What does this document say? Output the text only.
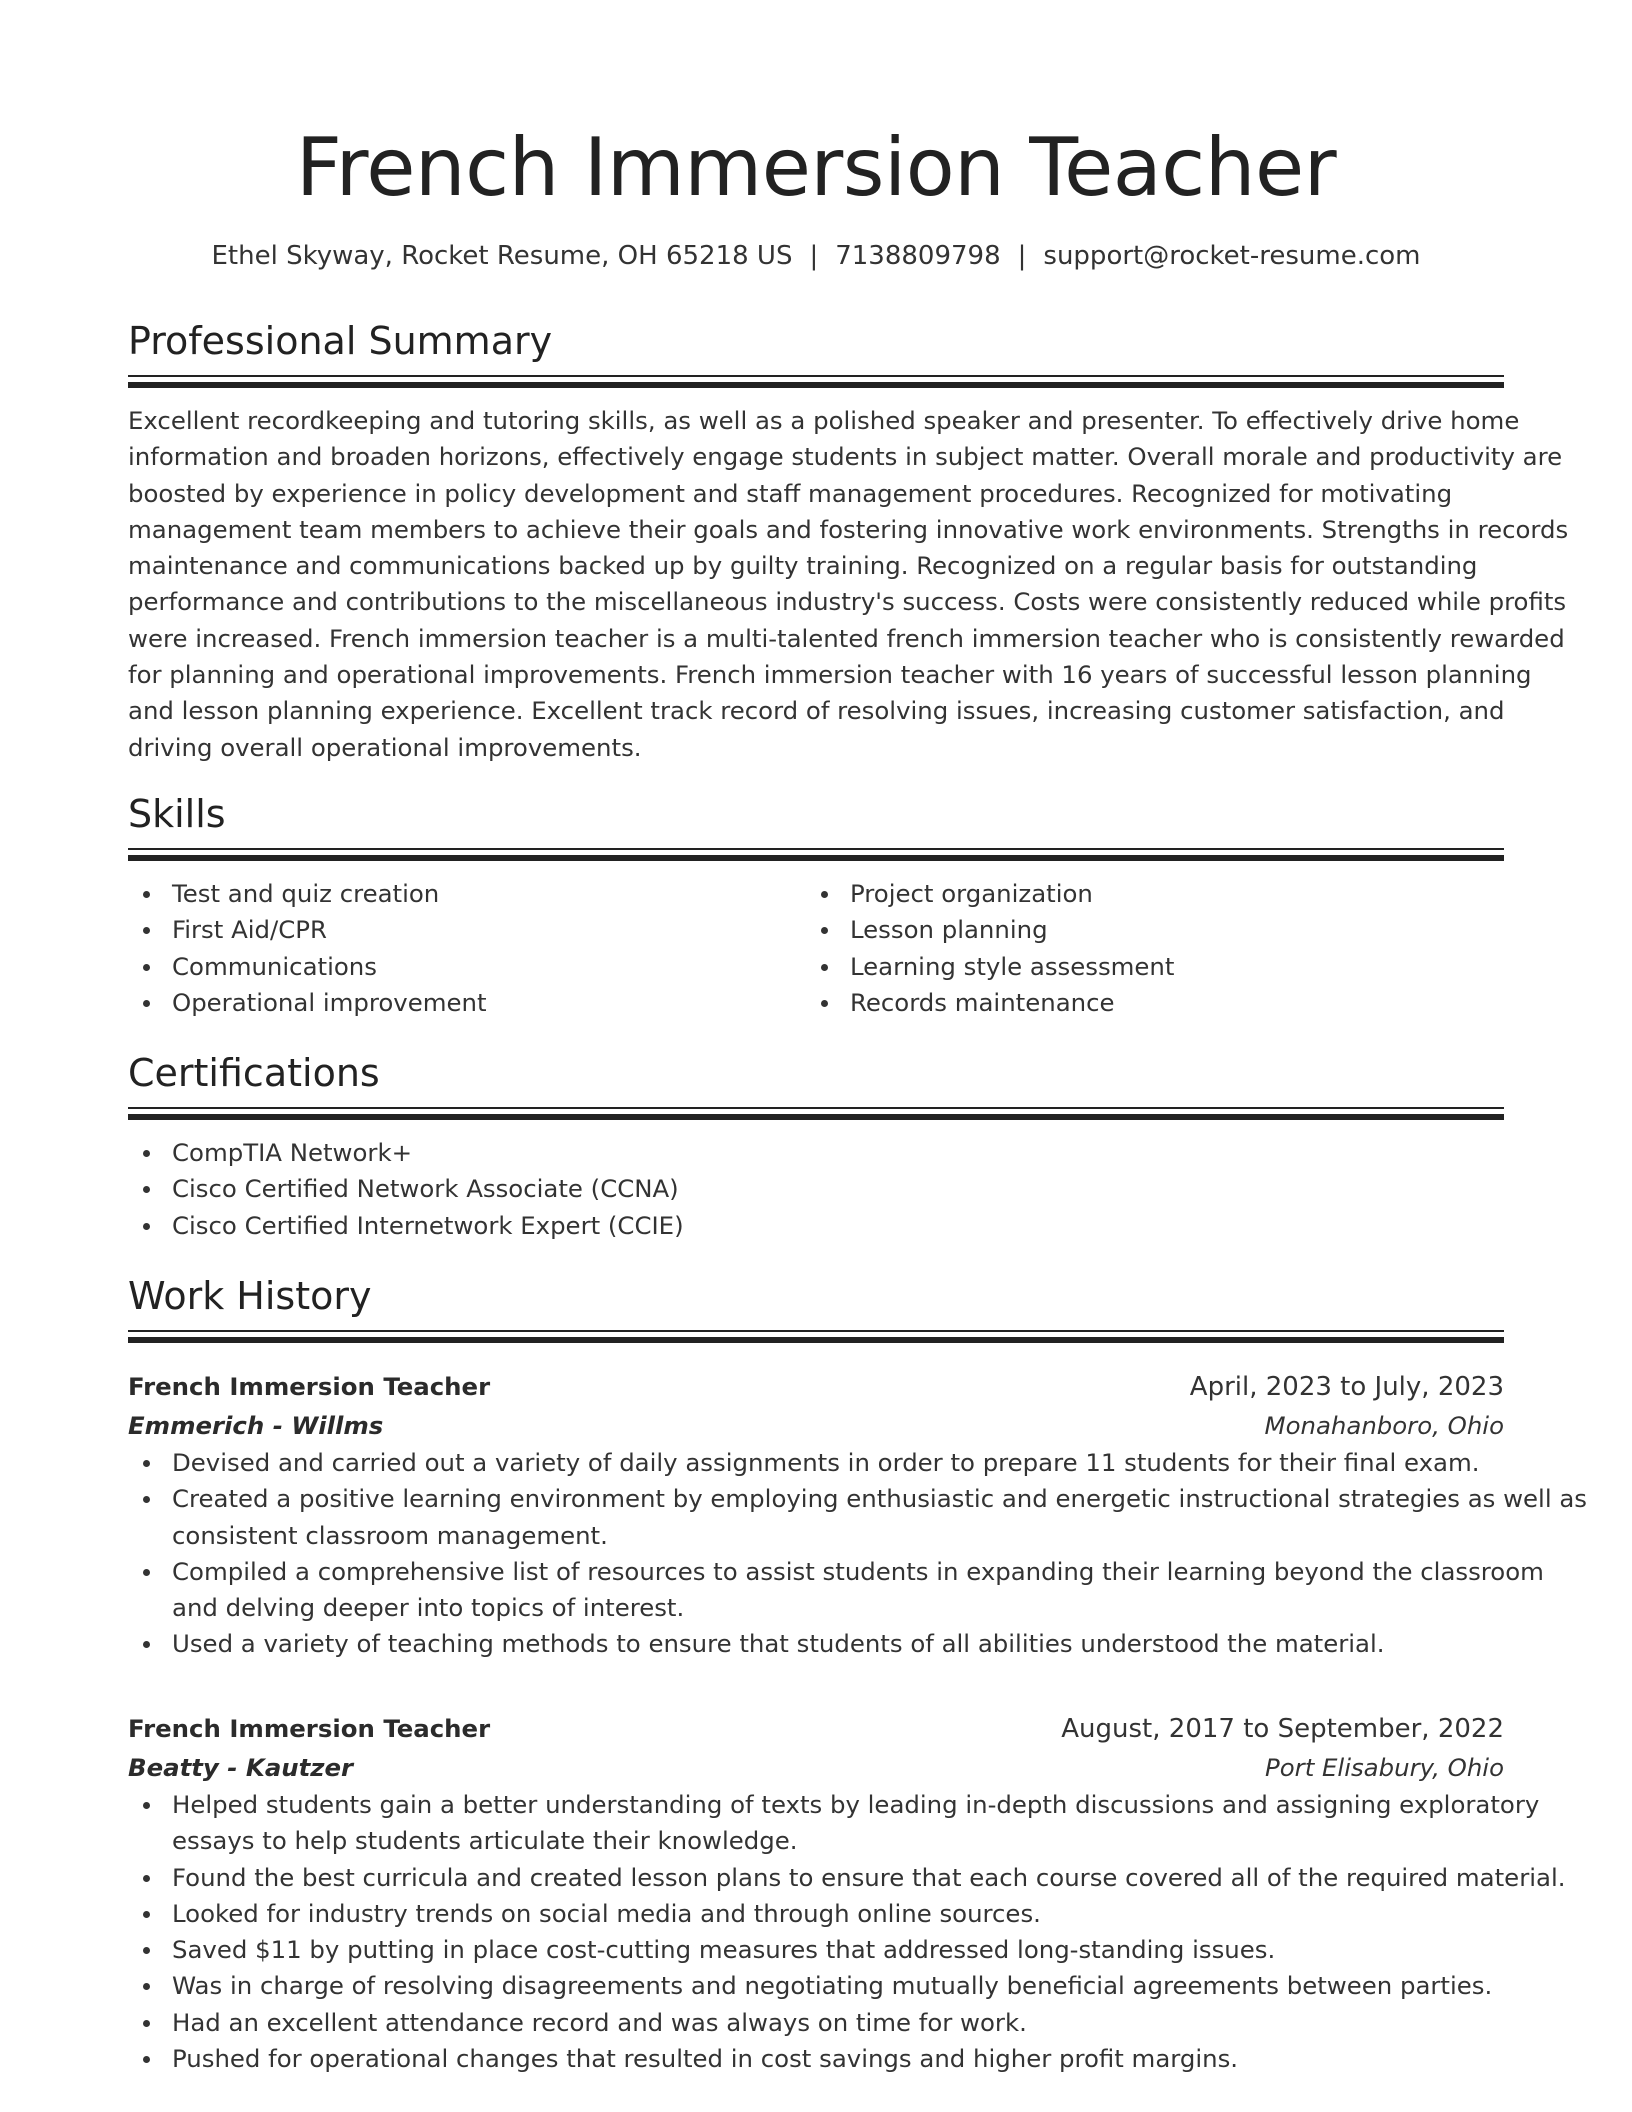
French Immersion Teacher
Ethel Skyway, Rocket Resume, OH 65218 US | 7138809798 | support@rocket-resume.com
Professional Summary
Excellent recordkeeping and tutoring skills, as well as a polished speaker and presenter. To effectively drive home
information and broaden horizons, effectively engage students in subject matter. Overall morale and productivity are
boosted by experience in policy development and staff management procedures. Recognized for motivating
management team members to achieve their goals and fostering innovative work environments. Strengths in records
maintenance and communications backed up by guilty training. Recognized on a regular basis for outstanding
performance and contributions to the miscellaneous industry's success. Costs were consistently reduced while profits
were increased. French immersion teacher is a multi-talented french immersion teacher who is consistently rewarded
for planning and operational improvements. French immersion teacher with 16 years of successful lesson planning
and lesson planning experience. Excellent track record of resolving issues, increasing customer satisfaction, and
driving overall operational improvements.
Skills
Test and quiz creation
First Aid/CPR
Communications
Operational improvement
Project organization
Lesson planning
Learning style assessment
Records maintenance
Certifications
CompTIA Network+
Cisco Certified Network Associate (CCNA)
Cisco Certified Internetwork Expert (CCIE)
Work History
French Immersion Teacher	April, 2023 to July, 2023
Emmerich - Willms	Monahanboro, Ohio
Devised and carried out a variety of daily assignments in order to prepare 11 students for their final exam.
Created a positive learning environment by employing enthusiastic and energetic instructional strategies as well as
consistent classroom management.
Compiled a comprehensive list of resources to assist students in expanding their learning beyond the classroom
and delving deeper into topics of interest.
Used a variety of teaching methods to ensure that students of all abilities understood the material.
French Immersion Teacher	August, 2017 to September, 2022
Beatty - Kautzer	Port Elisabury, Ohio
Helped students gain a better understanding of texts by leading in-depth discussions and assigning exploratory
essays to help students articulate their knowledge.
Found the best curricula and created lesson plans to ensure that each course covered all of the required material.
Looked for industry trends on social media and through online sources.
Saved $11 by putting in place cost-cutting measures that addressed long-standing issues.
Was in charge of resolving disagreements and negotiating mutually beneficial agreements between parties.
Had an excellent attendance record and was always on time for work.
Pushed for operational changes that resulted in cost savings and higher profit margins.
